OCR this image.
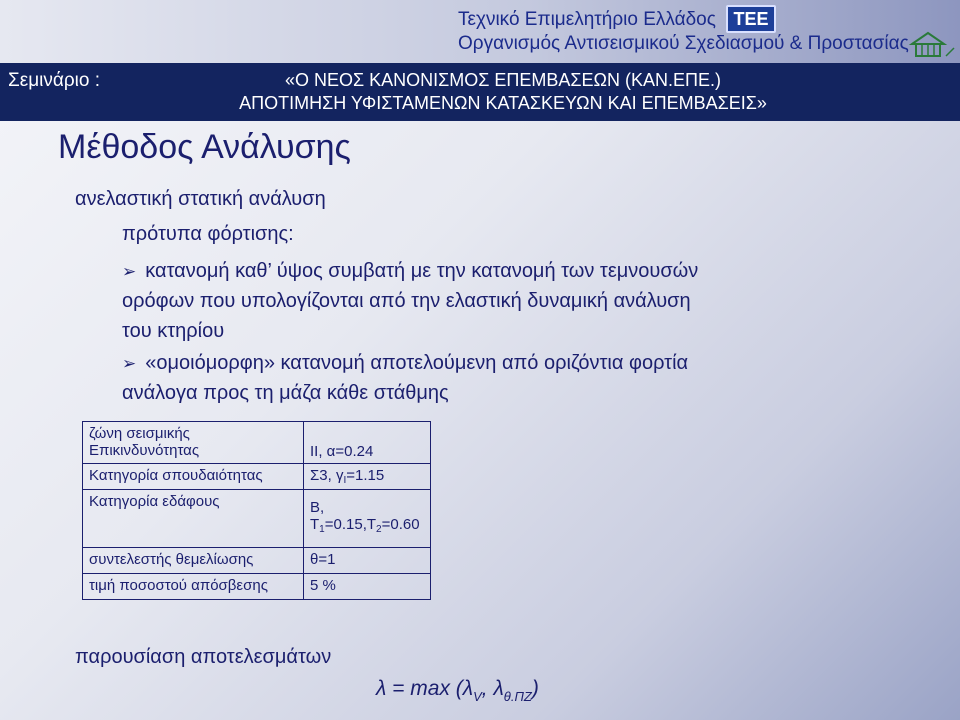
Τεχνικό Επιμελητήριο Ελλάδος ΤΕΕ
Οργανισμός Αντισεισμικού Σχεδιασμού & Προστασίας
Σεμινάριο :	«Ο ΝΕΟΣ ΚΑΝΟΝΙΣΜΟΣ ΕΠΕΜΒΑΣΕΩΝ (ΚΑΝ.ΕΠΕ.)
ΑΠΟΤΙΜΗΣΗ ΥΦΙΣΤΑΜΕΝΩΝ ΚΑΤΑΣΚΕΥΩΝ ΚΑΙ ΕΠΕΜΒΑΣΕΙΣ»
Μέθοδος Ανάλυσης
ανελαστική στατική ανάλυση
πρότυπα φόρτισης:
➢ κατανομή καθ’ ύψος συμβατή με την κατανομή των τεμνουσών
ορόφων που υπολογίζονται από την ελαστική δυναμική ανάλυση
του κτηρίου
➢ «ομοιόμορφη» κατανομή αποτελούμενη από οριζόντια φορτία
ανάλογα προς τη μάζα κάθε στάθμης
ζώνη σεισμικής
Επικινδυνότητας	ΙΙ, α=0.24
Κατηγορία σπουδαιότητας	Σ3, $\gamma_I=1.15$
Κατηγορία εδάφους	Β,
$T_1=0.15,T_2=0.60$
συντελεστής θεμελίωσης	θ=1
τιμή ποσοστού απόσβεσης	5 %
παρουσίαση αποτελεσμάτων
$\lambda = \max (\lambda_V$, $\lambda_{\theta.\Pi Z}$)
